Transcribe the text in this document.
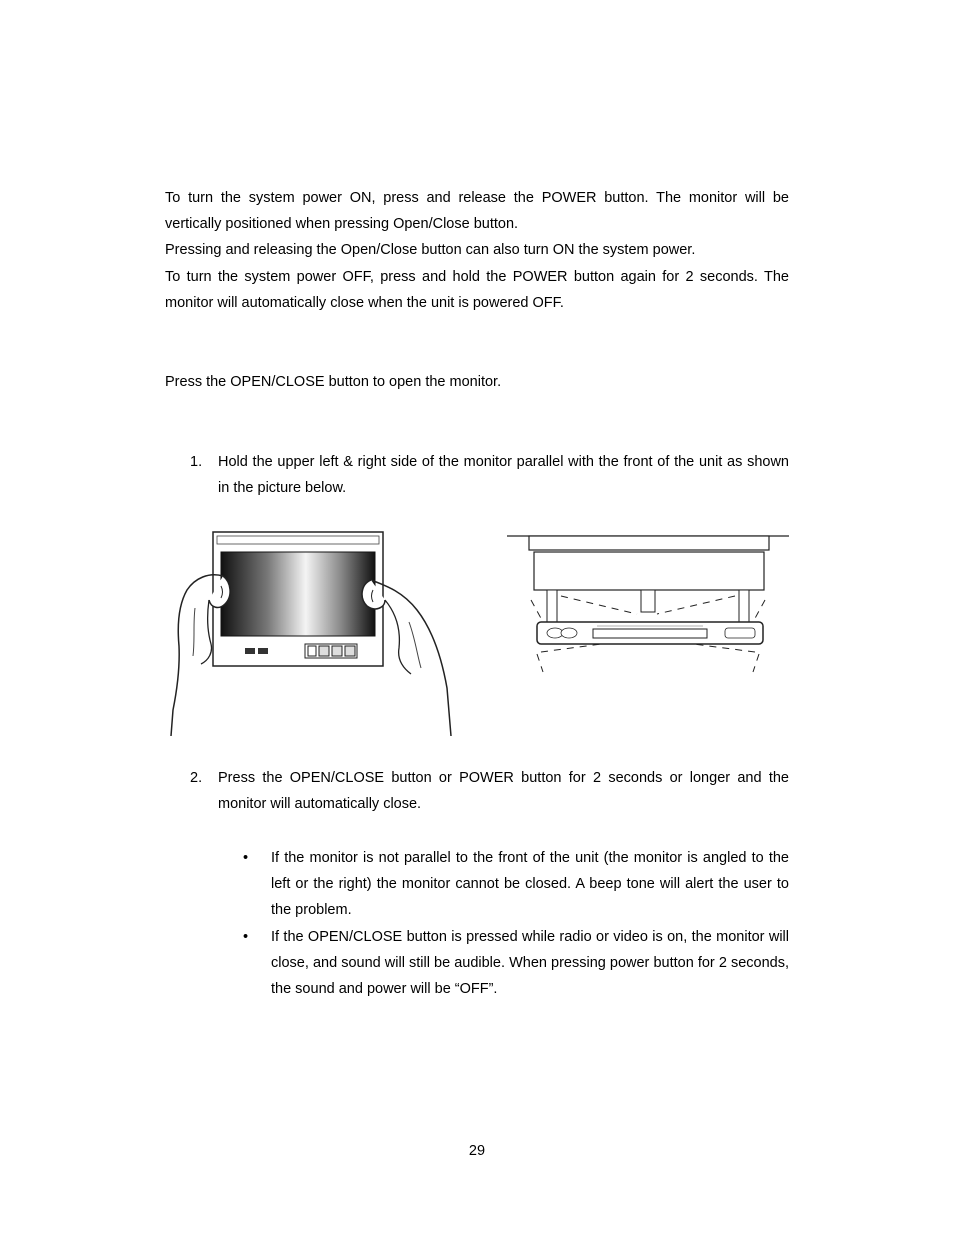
To turn the system power ON, press and release the POWER button. The monitor will be vertically positioned when pressing Open/Close button.

Pressing and releasing the Open/Close button can also turn ON the system power.

To turn the system power OFF, press and hold the POWER button again for 2 seconds. The monitor will automatically close when the unit is powered OFF.

Press the OPEN/CLOSE button to open the monitor.

1.	Hold the upper left & right side of the monitor parallel with the front of the unit as shown in the picture below.
2.	Press the OPEN/CLOSE button or POWER button for 2 seconds or longer and the monitor will automatically close.
•	If the monitor is not parallel to the front of the unit (the monitor is angled to the left or the right) the monitor cannot be closed. A beep tone will alert the user to the problem.
•	If the OPEN/CLOSE button is pressed while radio or video is on, the monitor will close, and sound will still be audible. When pressing power button for 2 seconds, the sound and power will be “OFF”.
29
